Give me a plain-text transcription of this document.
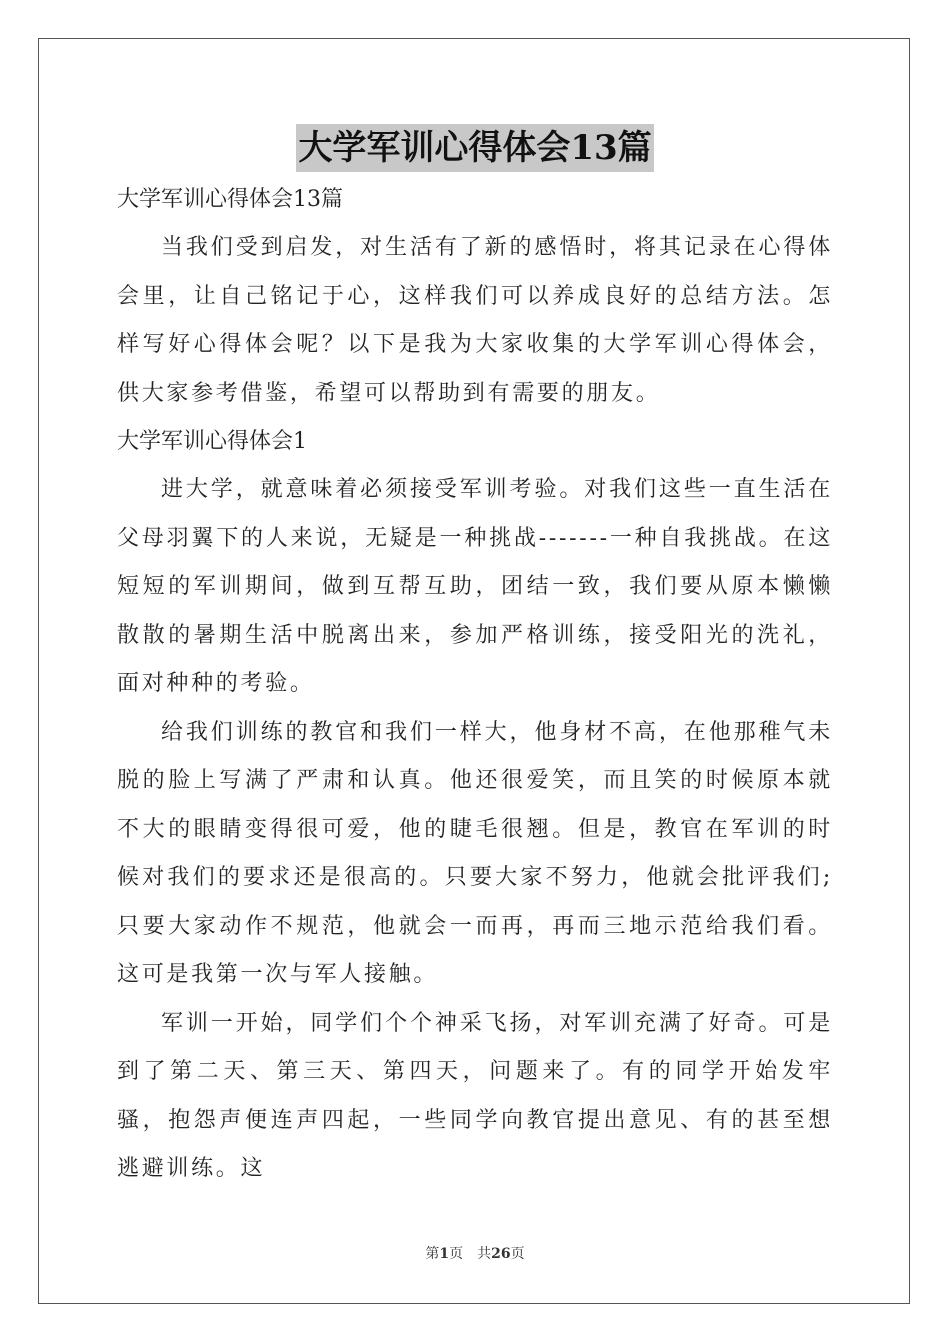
大学军训心得体会13篇

大学军训心得体会13篇

当我们受到启发，对生活有了新的感悟时，将其记录在心得体会里，让自己铭记于心，这样我们可以养成良好的总结方法。怎样写好心得体会呢？以下是我为大家收集的大学军训心得体会，供大家参考借鉴，希望可以帮助到有需要的朋友。

大学军训心得体会1

进大学，就意味着必须接受军训考验。对我们这些一直生活在父母羽翼下的人来说，无疑是一种挑战-------一种自我挑战。在这短短的军训期间，做到互帮互助，团结一致，我们要从原本懒懒散散的暑期生活中脱离出来，参加严格训练，接受阳光的洗礼，面对种种的考验。

给我们训练的教官和我们一样大，他身材不高，在他那稚气未脱的脸上写满了严肃和认真。他还很爱笑，而且笑的时候原本就不大的眼睛变得很可爱，他的睫毛很翘。但是，教官在军训的时候对我们的要求还是很高的。只要大家不努力，他就会批评我们;只要大家动作不规范，他就会一而再，再而三地示范给我们看。这可是我第一次与军人接触。

军训一开始，同学们个个神采飞扬，对军训充满了好奇。可是到了第二天、第三天、第四天，问题来了。有的同学开始发牢骚，抱怨声便连声四起，一些同学向教官提出意见、有的甚至想逃避训练。这

第1页 共26页
